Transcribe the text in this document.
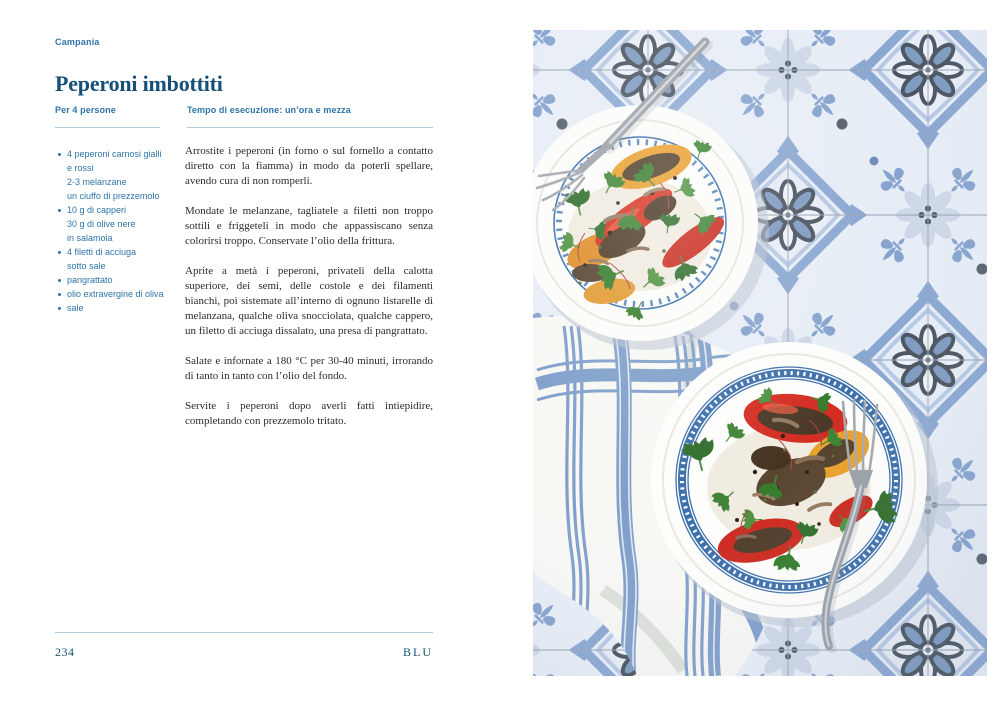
Campania
Peperoni imbottiti
Per 4 persone	Tempo di esecuzione: un’ora e mezza
4 peperoni carnosi gialli
e rossi
2-3 melanzane
un ciuffo di prezzemolo
10 g di capperi
30 g di olive nere
in salamoia
4 filetti di acciuga
sotto sale
pangrattato
olio extravergine di oliva
sale

Arrostite i peperoni (in forno o sul fornello a contatto diretto con la fiamma) in modo da poterli spellare, avendo cura di non romperli.

Mondate le melanzane, tagliatele a filetti non troppo sottili e friggeteli in modo che appassiscano senza colorirsi troppo. Conservate l’olio della frittura.

Aprite a metà i peperoni, privateli della calotta superiore, dei semi, delle costole e dei filamenti bianchi, poi sistemate all’interno di ognuno listarelle di melanzana, qualche oliva snocciolata, qualche cappero, un filetto di acciuga dissalato, una presa di pangrattato.

Salate e infornate a 180 °C per 30-40 minuti, irrorando di tanto in tanto con l’olio del fondo.

Servite i peperoni dopo averli fatti intiepidire, completando con prezzemolo tritato.

234	BLU
